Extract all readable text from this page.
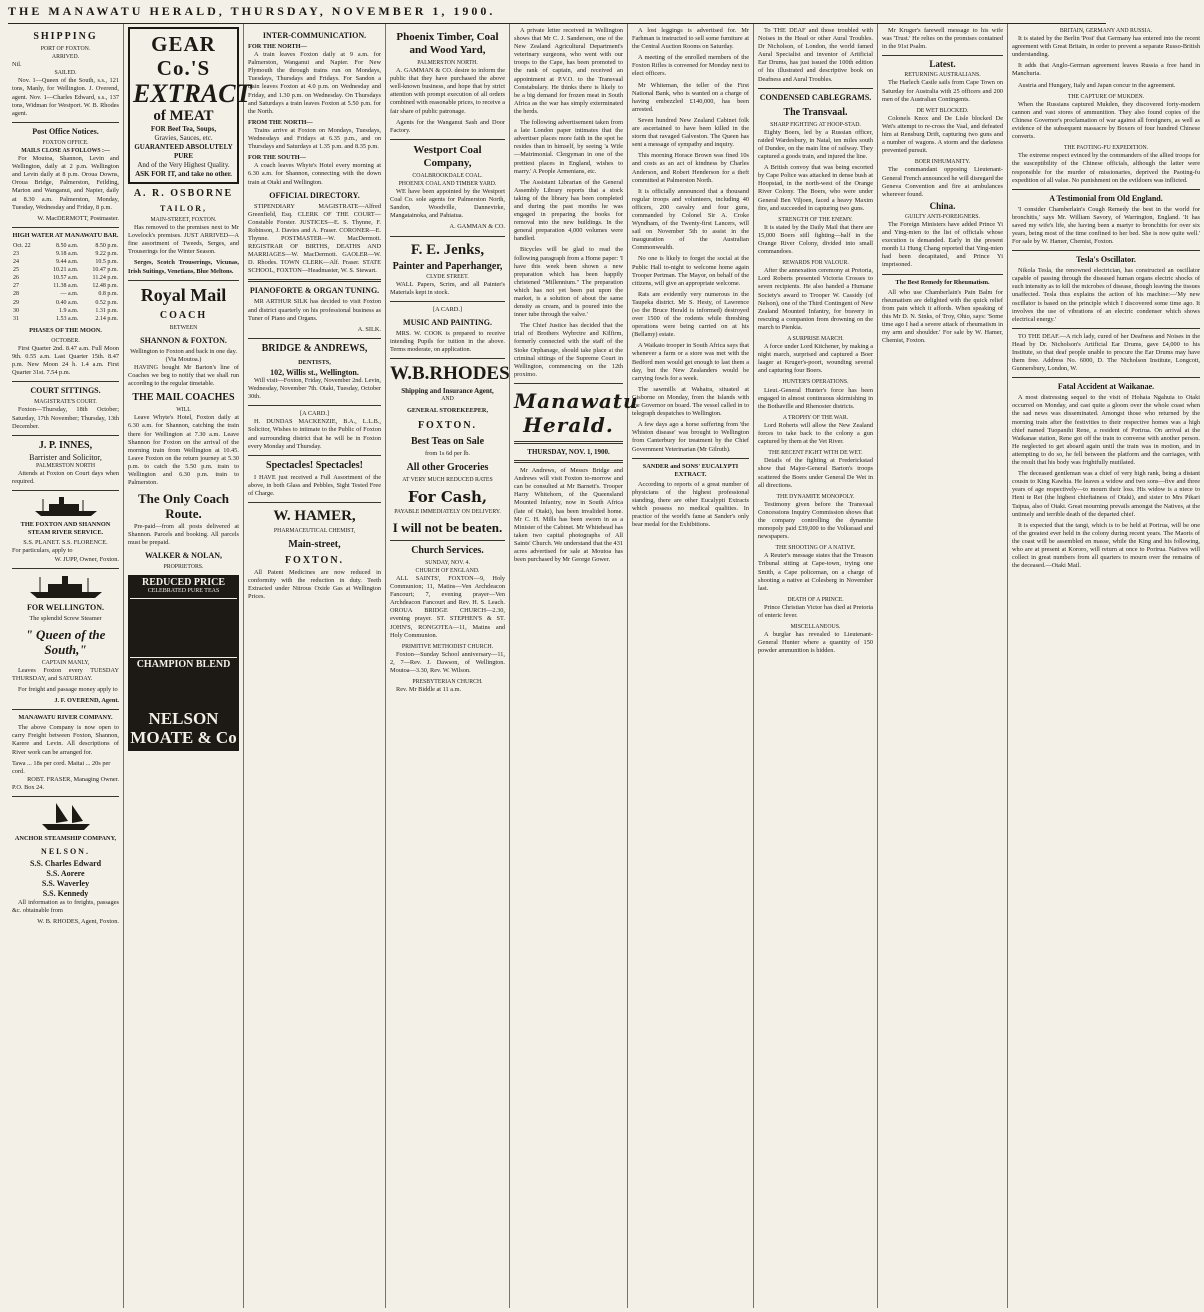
THE MANAWATU HERALD, THURSDAY, NOVEMBER 1, 1900.
SHIPPING
PORT OF FOXTON.
ARRIVED.
Nil.
SAILED.
Nov. 1—Queen of the South, s.s., 121 tons, Manly, for Wellington. J. Overend, agent. Nov. 1—Charles Edward, s.s., 137 tons, Widman for Westport. W. B. Rhodes agent.
Post Office Notices.
FOXTON OFFICE.
MAILS CLOSE AS FOLLOWS :—
For Moutoa, Shannon, Levin and Wellington, daily at 2 p.m. Wellington and Levin daily at 8 p.m. Oroua Downs, Oroua Bridge, Palmerston, Feilding, Marton and Wanganui, and Napier, daily at 8.30 a.m. Palmerston, Monday, Tuesday, Wednesday and Friday, 8 p.m.
W. MacDERMOTT, Postmaster.
HIGH WATER AT MANAWATU BAR.
Oct. 22	8.50 a.m.	8.50 p.m.
23	9.18 a.m.	9.22 p.m.
24	9.44 a.m.	10.5 p.m.
25	10.21 a.m.	10.47 p.m.
26	10.57 a.m.	11.24 p.m.
27	11.38 a.m.	12.48 p.m.
28	— a.m.	0.8 p.m.
29	0.40 a.m.	0.52 p.m.
30	1.9 a.m.	1.31 p.m.
31	1.53 a.m.	2.14 p.m.
PHASES OF THE MOON.
OCTOBER.
First Quarter 2nd. 8.47 a.m. Full Moon 9th. 0.55 a.m. Last Quarter 15th. 8.47 p.m. New Moon 24 h. 1.4 a.m. First Quarter 31st. 7.54 p.m.
COURT SITTINGS.
MAGISTRATE'S COURT.
Foxton—Thursday, 18th October; Saturday, 17th November; Thursday, 13th December.
J. P. INNES,
Barrister and Solicitor,
PALMERSTON NORTH
Attends at Foxton on Court days when required.
THE FOXTON AND SHANNON STEAM RIVER SERVICE.
S.S. PLANET. S.S. FLORENCE.
For particulars, apply to
W. JUPP, Owner, Foxton.
FOR WELLINGTON.
The splendid Screw Steamer
" Queen of the South,"
CAPTAIN MANLY,
Leaves Foxton every TUESDAY THURSDAY, and SATURDAY.
For freight and passage money apply to
J. F. OVEREND, Agent.
MANAWATU RIVER COMPANY.
The above Company is now open to carry Freight between Foxton, Shannon, Karere and Levin. All descriptions of River work can be arranged for.
Tawa ... 18s per cord. Maitai ... 20s per cord.
ROBT. FRASER, Managing Owner.
P.O. Box 24.
ANCHOR STEAMSHIP COMPANY,
NELSON.
S.S. Charles Edward
S.S. Aorere
S.S. Waverley
S.S. Kennedy
All information as to freights, passages &c. obtainable from
W. B. RHODES, Agent, Foxton.
GEAR Co.'S
EXTRACT
of MEAT
FOR Beef Tea, Soups,
Gravies, Sauces, etc.
GUARANTEED ABSOLUTELY PURE
And of the Very Highest Quality.
ASK FOR IT, and take no other.
A. R. OSBORNE
TAILOR,
MAIN-STREET, FOXTON.
Has removed to the premises next to Mr Lovelock's premises. JUST ARRIVED—A fine assortment of Tweeds, Serges, and Trouserings for the Winter Season.
Serges, Scotch Trouserings, Vicunas, Irish Suitings, Venetians, Blue Meltons.
Royal Mail
COACH
BETWEEN
SHANNON & FOXTON.
Wellington to Foxton and back in one day.
(Via Moutoa.)
HAVING bought Mr Barton's line of Coaches we beg to notify that we shall run according to the regular timetable.
THE MAIL COACHES
WILL
Leave Whyte's Hotel, Foxton daily at 6.30 a.m. for Shannon, catching the train there for Wellington at 7.30 a.m. Leave Shannon for Foxton on the arrival of the morning train from Wellington at 10.45. Leave Foxton on the return journey at 5.30 p.m. to catch the 5.50 p.m. train to Wellington and 6.30 p.m. train to Palmerston.
The Only Coach Route.
Pre-paid—from all posts delivered at Shannon. Parcels and booking. All parcels must be prepaid.
WALKER & NOLAN,
PROPRIETORS.
REDUCED PRICE
CELEBRATED PURE TEAS
CHAMPION BLEND
NELSON MOATE & Co
INTER-COMMUNICATION.
FOR THE NORTH—
A train leaves Foxton daily at 9 a.m. for Palmerston, Wanganui and Napier. For New Plymouth the through trains run on Mondays, Tuesdays, Thursdays and Fridays. For Sandon a train leaves Foxton at 4.0 p.m. on Wednesday and Friday, and 1.30 p.m. on Wednesday. On Thursdays and Saturdays a train leaves Foxton at 5.50 p.m. for the North.
FROM THE NORTH—
Trains arrive at Foxton on Mondays, Tuesdays, Wednesdays and Fridays at 6.35 p.m., and on Thursdays and Saturdays at 1.35 p.m. and 8.35 p.m.
FOR THE SOUTH—
A coach leaves Whyte's Hotel every morning at 6.30 a.m. for Shannon, connecting with the down train at Otaki and Wellington.
OFFICIAL DIRECTORY.
STIPENDIARY MAGISTRATE—Alfred Greenfield, Esq. CLERK OF THE COURT—Constable Forster. JUSTICES—E. S. Thynne, F. Robinson, J. Davies and A. Fraser. CORONER—E. Thynne. POSTMASTER—W. MacDermott. REGISTRAR OF BIRTHS, DEATHS AND MARRIAGES—W. MacDermott. GAOLER—W. D. Rhodes. TOWN CLERK—Alf. Fraser. STATE SCHOOL, FOXTON—Headmaster, W. S. Stewart.
PIANOFORTE & ORGAN TUNING.
MR ARTHUR SILK has decided to visit Foxton and district quarterly on his professional business as Tuner of Piano and Organs.
A. SILK.
BRIDGE & ANDREWS,
DENTISTS,
102, Willis st., Wellington.
Will visit—Foxton, Friday, November 2nd. Levin, Wednesday, November 7th. Otaki, Tuesday, October 30th.
[A CARD.]
H. DUNDAS MACKENZIE, B.A., L.L.B., Solicitor, Wishes to intimate to the Public of Foxton and surrounding district that he will be in Foxton every Monday and Thursday.
Spectacles! Spectacles!
I HAVE just received a Full Assortment of the above, in both Glass and Pebbles, Sight Tested Free of Charge.
W. HAMER,
PHARMACEUTICAL CHEMIST,
Main-street,
FOXTON.
All Patent Medicines are now reduced in conformity with the reduction in duty. Teeth Extracted under Nitrous Oxide Gas at Wellington Prices.
Phoenix Timber, Coal and Wood Yard,
PALMERSTON NORTH.
A. GAMMAN & CO. desire to inform the public that they have purchased the above well-known business, and hope that by strict attention with prompt execution of all orders combined with reasonable prices, to receive a fair share of public patronage.
Agents for the Wanganui Sash and Door Factory.
Westport Coal Company,
COALBROOKDALE COAL.
PHOENIX COAL AND TIMBER YARD.
WE have been appointed by the Westport Coal Co. sole agents for Palmerston North, Sandon, Woodville, Dannevirke, Mangatainoka, and Pahiatua.
A. GAMMAN & CO.
F. E. Jenks,
Painter and Paperhanger,
CLYDE STREET.
WALL Papers, Scrim, and all Painter's Materials kept in stock.
[A CARD.]
MUSIC AND PAINTING.
MRS. W. COOK is prepared to receive intending Pupils for tuition in the above. Terms moderate, on application.
W.B.RHODES
Shipping and Insurance Agent,
AND
GENERAL STOREKEEPER,
FOXTON.
Best Teas on Sale
from 1s 6d per lb.
All other Groceries
AT VERY MUCH REDUCED RATES
For Cash,
PAYABLE IMMEDIATELY ON DELIVERY.
I will not be beaten.
Church Services.
SUNDAY, NOV. 4.
CHURCH OF ENGLAND.
ALL SAINTS', FOXTON—9, Holy Communion; 11, Matins—Ven Archdeacon Fancourt; 7, evening prayer—Ven Archdeacon Fancourt and Rev. H. S. Leach. OROUA BRIDGE CHURCH—2.30, evening prayer. ST. STEPHEN'S & ST. JOHN'S, RONGOTEA—11, Matins and Holy Communion.
PRIMITIVE METHODIST CHURCH.
Foxton—Sunday School anniversary—11, 2, 7—Rev. J. Dawson, of Wellington. Moutoa—3.30, Rev. W. Wilson.
PRESBYTERIAN CHURCH.
Rev. Mr Biddle at 11 a.m.
A private letter received in Wellington shows that Mr C. J. Sanderson, one of the New Zealand Agricultural Department's veterinary surgeons, who went with our troops to the Cape, has been promoted to the rank of captain, and received an appointment at P.V.O. to the Transvaal Constabulary. He thinks there is likely to be a big demand for frozen meat in South Africa as the war has simply exterminated the herds.
The following advertisement taken from a late London paper intimates that the advertiser places more faith in the spot he resides than in himself, by seeing 'a Wife—Matrimonial. Clergyman in one of the prettiest places in England, wishes to marry.' A People Armenians, etc.
The Assistant Librarian of the General Assembly Library reports that a stock taking of the library has been completed and during the past months he was engaged in preparing the books for removal into the new buildings. In the general preparation 4,000 volumes were handled.
Bicycles will be glad to read the following paragraph from a Home paper: 'I have this week been shown a new preparation which has been happily christened "Millennium." The preparation which has not yet been put upon the market, is a solution of about the same density as cream, and is poured into the inner tube through the valve.'
The Chief Justice has decided that the trial of Brothers Wybrctre and Kilfirm, formerly connected with the staff of the Stoke Orphanage, should take place at the criminal sittings of the Supreme Court in Wellington, commencing on the 12th proximo.
Manawatu Herald.
THURSDAY, NOV. 1, 1900.
Mr Andrews, of Messrs Bridge and Andrews will visit Foxton to-morrow and can be consulted at Mr Barnett's. Trooper Harry Whitehorn, of the Queensland Mounted Infantry, now in South Africa (late of Otaki), has been invalided home. Mr C. H. Mills has been sworn in as a Minister of the Cabinet. Mr Whitehead has taken two capital photographs of All Saints' Church. We understand that the 431 acres advertised for sale at Moutoa has been purchased by Mr George Gower.
A lost leggings is advertised for. Mr Farhman is instructed to sell some furniture at the Central Auction Rooms on Saturday.
A meeting of the enrolled members of the Foxton Rifles is convened for Monday next to elect officers.
Mr Whiteman, the teller of the First National Bank, who is wanted on a charge of having embezzled £140,000, has been arrested.
Seven hundred New Zealand Cabinet folk are ascertained to have been killed in the storm that ravaged Galveston. The Queen has sent a message of sympathy and inquiry.
This morning Horace Brown was fined 10s and costs as an act of kindness by Charles Anderson, and Robert Henderson for a theft committed at Palmerston North.
It is officially announced that a thousand regular troops and volunteers, including 40 officers, 200 cavalry and four guns, commanded by Colonel Sir A. Croke Wyndham, of the Twenty-first Lancers, will sail on November 5th to assist in the inauguration of the Australian Commonwealth.
No one is likely to forget the social at the Public Hall to-night to welcome home again Trooper Pertman. The Mayor, on behalf of the citizens, will give an appropriate welcome.
Rats are evidently very numerous in the Taupeka district. Mr S. Hesty, of Lawrence (so the Bruce Herald is informed) destroyed over 1500 of the rodents while threshing operations were being carried on at his (Bellamy) estate.
A Waikato trooper in South Africa says that whenever a farm or a store was met with the Bedford men would get enough to last them a day, but the New Zealanders would be carrying fowls for a week.
The sawmills at Wahaira, situated at Gisborne on Monday, from the Islands with the Governor on board. The vessel called in to telegraph despatches to Wellington.
A few days ago a horse suffering from 'the Whiston disease' was brought to Wellington from Canterbury for treatment by the Chief Government Veterinarian (Mr Gilruth).
SANDER and SONS' EUCALYPTI EXTRACT.
According to reports of a great number of physicians of the highest professional standing, there are other Eucalypti Extracts which possess no medical qualities. In practice of the world's fame at Sander's only bear medal for the Exhibitions.
To THE DEAF and those troubled with Noises in the Head or other Aural Troubles. Dr Nicholson, of London, the world famed Aural Specialist and inventor of Artificial Ear Drums, has just issued the 100th edition of his illustrated and descriptive book on Deafness and Aural Troubles.
CONDENSED CABLEGRAMS.
The Transvaal.
SHARP FIGHTING AT HOOP-STAD.
Eighty Boers, led by a Russian officer, raided Wardesbury, in Natal, ten miles south of Dundee, on the main line of railway. They captured a goods train, and injured the line.
A British convoy that was being escorted by Cape Police was attacked in dense bush at Hoopstad, in the north-west of the Orange River Colony. The Boers, who were under General Ben Viljoen, faced a heavy Maxim fire, and succeeded in capturing two guns.
STRENGTH OF THE ENEMY.
It is stated by the Daily Mail that there are 15,000 Boers still fighting—half in the Orange River Colony, divided into small commandoes.
REWARDS FOR VALOUR.
After the annexation ceremony at Pretoria, Lord Roberts presented Victoria Crosses to seven recipients. He also handed a Humane Society's award to Trooper W. Cassidy (of Nelson), one of the Third Contingent of New Zealand Mounted Infantry, for bravery in rescuing a companion from drowning on the march to Pienkia.
A SURPRISE MARCH.
A force under Lord Kitchener, by making a night march, surprised and captured a Boer laager at Kruger's-poort, wounding several and capturing four Boers.
HUNTER'S OPERATIONS.
Lieut.-General Hunter's force has been engaged in almost continuous skirmishing in the Bothaville and Rhenoster districts.
A TROPHY OF THE WAR.
Lord Roberts will allow the New Zealand forces to take back to the colony a gun captured by them at the Vet River.
THE RECENT FIGHT WITH DE WET.
Details of the fighting at Frederickstad show that Major-General Barton's troops scattered the Boers under General De Wet in all directions.
THE DYNAMITE MONOPOLY.
Testimony given before the Transvaal Concessions Inquiry Commission shows that the company controlling the dynamite monopoly paid £39,000 to the Volksraad and newspapers.
THE SHOOTING OF A NATIVE.
A Reuter's message states that the Treason Tribunal sitting at Cape-town, trying one Smith, a Cape policeman, on a charge of shooting a native at Colesberg in November last.
DEATH OF A PRINCE.
Prince Christian Victor has died at Pretoria of enteric fever.
MISCELLANEOUS.
A burglar has revealed to Lieutenant-General Hunter where a quantity of 150 powder ammunition is hidden.
Mr Kruger's farewell message to his wife was 'Trust.' He relies on the promises contained in the 91st Psalm.
Latest.
RETURNING AUSTRALIANS.
The Harlech Castle sails from Cape Town on Saturday for Australia with 25 officers and 200 men of the Australian Contingents.
DE WET BLOCKED.
Colonels Knox and De Lisle blocked De Wet's attempt to re-cross the Vaal, and defeated him at Rensburg Drift, capturing two guns and a number of wagons. A storm and the darkness prevented pursuit.
BOER INHUMANITY.
The commandant opposing Lieutenant-General French announced he will disregard the Geneva Convention and fire at ambulances wherever found.
China.
GUILTY ANTI-FOREIGNERS.
The Foreign Ministers have added Prince Yi and Ying-mien to the list of officials whose execution is demanded. Early in the present month Li Hung Chang reported that Ying-mien had been decapitated, and Prince Yi imprisoned.
The Best Remedy for Rheumatism.
All who use Chamberlain's Pain Balm for rheumatism are delighted with the quick relief from pain which it affords. When speaking of this Mr D. N. Sinks, of Troy, Ohio, says: 'Some time ago I had a severe attack of rheumatism in my arm and shoulder.' For sale by W. Hamer, Chemist, Foxton.
BRITAIN, GERMANY AND RUSSIA.
It is stated by the Berlin 'Post' that Germany has entered into the recent agreement with Great Britain, in order to prevent a separate Russo-British understanding.
It adds that Anglo-German agreement leaves Russia a free hand in Manchuria.
Austria and Hungary, Italy and Japan concur in the agreement.
THE CAPTURE OF MUKDEN.
When the Russians captured Mukden, they discovered forty-modern cannon and vast stores of ammunition. They also found copies of the Chinese Governor's proclamation of war against all foreigners, as well as evidence of the subsequent massacre by Boxers of four hundred Chinese converts.
THE PAOTING-FU EXPEDITION.
The extreme respect evinced by the commanders of the allied troops for the susceptibility of the Chinese officials, although the latter were responsible for the murder of missionaries, deprived the Paoting-fu expedition of all value. No punishment on the evildoers was inflicted.
A Testimonial from Old England.
'I consider Chamberlain's Cough Remedy the best in the world for bronchitis,' says Mr. William Savory, of Warrington, England. 'It has saved my wife's life, she having been a martyr to bronchitis for over six years, being most of the time confined to her bed. She is now quite well.' For sale by W. Hamer, Chemist, Foxton.
Tesla's Oscillator.
Nikola Tesla, the renowned electrician, has constructed an oscillator capable of passing through the diseased human organs electric shocks of such intensity as to kill the microbes of disease, though leaving the tissues unaffected. Tesla thus explains the action of his machine:—'My new oscillator is based on the principle which I discovered some time ago. It involves the use of vibrations of an electric condenser which shows electrical energy.'
TO THE DEAF.—A rich lady, cured of her Deafness and Noises in the Head by Dr. Nicholson's Artificial Ear Drums, gave £4,000 to his Institute, so that deaf people unable to procure the Ear Drums may have them free. Address No. 6000, D. The Nicholson Institute, Longcott, Gunnersbury, London, W.
Fatal Accident at Waikanae.
A most distressing sequel to the visit of Hohaia Ngahuia to Otaki occurred on Monday, and cast quite a gloom over the whole coast when the sad news was disseminated. Amongst those who returned by the morning train after the festivities to their respective homes was a high chief named Tuopanihi Rene, a resident of Porirua. On arrival at the Waikanae station, Rene got off the train to converse with another person. He neglected to get aboard again until the train was in motion, and in attempting to do so, he fell between the platform and the carriages, with the result that his body was frightfully mutilated.
The deceased gentleman was a chief of very high rank, being a distant cousin to King Kawhia. He leaves a widow and two sons—five and three years of age respectively—to mourn their loss. His widow is a niece to Heni te Rei (the highest chieftainess of Otaki), and sister to Mrs Pikari Taipua, also of Otaki. Great mourning prevails amongst the Natives, at the untimely and terrible death of the departed chief.
It is expected that the tangi, which is to be held at Porirua, will be one of the greatest ever held in the colony during recent years. The Maoris of the coast will be assembled en masse, while the King and his following, who are at present at Kororo, will return at once to Porirua. Natives will collect in great numbers from all quarters to mourn over the remains of the deceased.—Otaki Mail.
